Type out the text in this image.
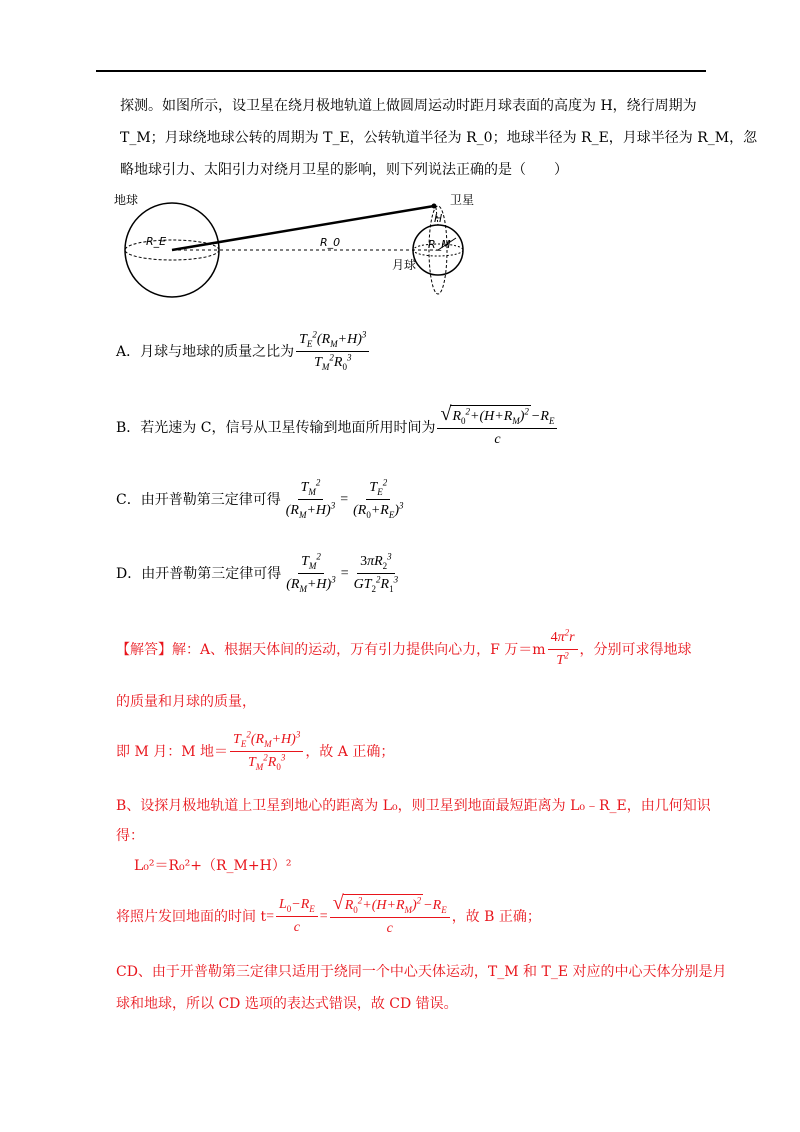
探测。如图所示，设卫星在绕月极地轨道上做圆周运动时距月球表面的高度为 H，绕行周期为
T_M；月球绕地球公转的周期为 T_E，公转轨道半径为 R_0；地球半径为 R_E，月球半径为 R_M，忽
略地球引力、太阳引力对绕月卫星的影响，则下列说法正确的是（　　）
地球	卫星
月球
R_E	R_0
H
R_M
A．月球与地球的质量之比为 $\frac{T_E^2(R_M+H)^3}{T_M^2R_0^3}$
B．若光速为 C，信号从卫星传输到地面所用时间为 $\frac{√ R_0^2+(H+R_M)^2 -R_E}{c}$
C．由开普勒第三定律可得 $\frac{T_M^2}{(R_M+H)^3} = \frac{T_E^2}{(R_0+R_E)^3}$
D．由开普勒第三定律可得 $\frac{T_M^2}{(R_M+H)^3} = \frac{3\pi R_2^3}{GT_2^2R_1^3}$
【解答】 解：A、根据天体间的运动，万有引力提供向心力，F 万$=m \frac{4\pi^2r}{T^2}$ ，分别可求得地球
的质量和月球的质量，
即 M 月：M 地＝ $\frac{T_E^2(R_M+H)^3}{T_M^2R_0^3}$ ，故 A 正确；
B、设探月极地轨道上卫星到地心的距离为 L₀，则卫星到地面最短距离为 L₀﹣R_E，由几何知识
得：
L₀²＝R₀²+（R_M+H）²
将照片发回地面的时间 $t = \frac{L_0-R_E}{c} = \frac{√ R_0^2+(H+R_M)^2 -R_E}{c}$ ，故 B 正确；
CD、由于开普勒第三定律只适用于绕同一个中心天体运动，T_M 和 T_E 对应的中心天体分别是月
球和地球，所以 CD 选项的表达式错误，故 CD 错误。
